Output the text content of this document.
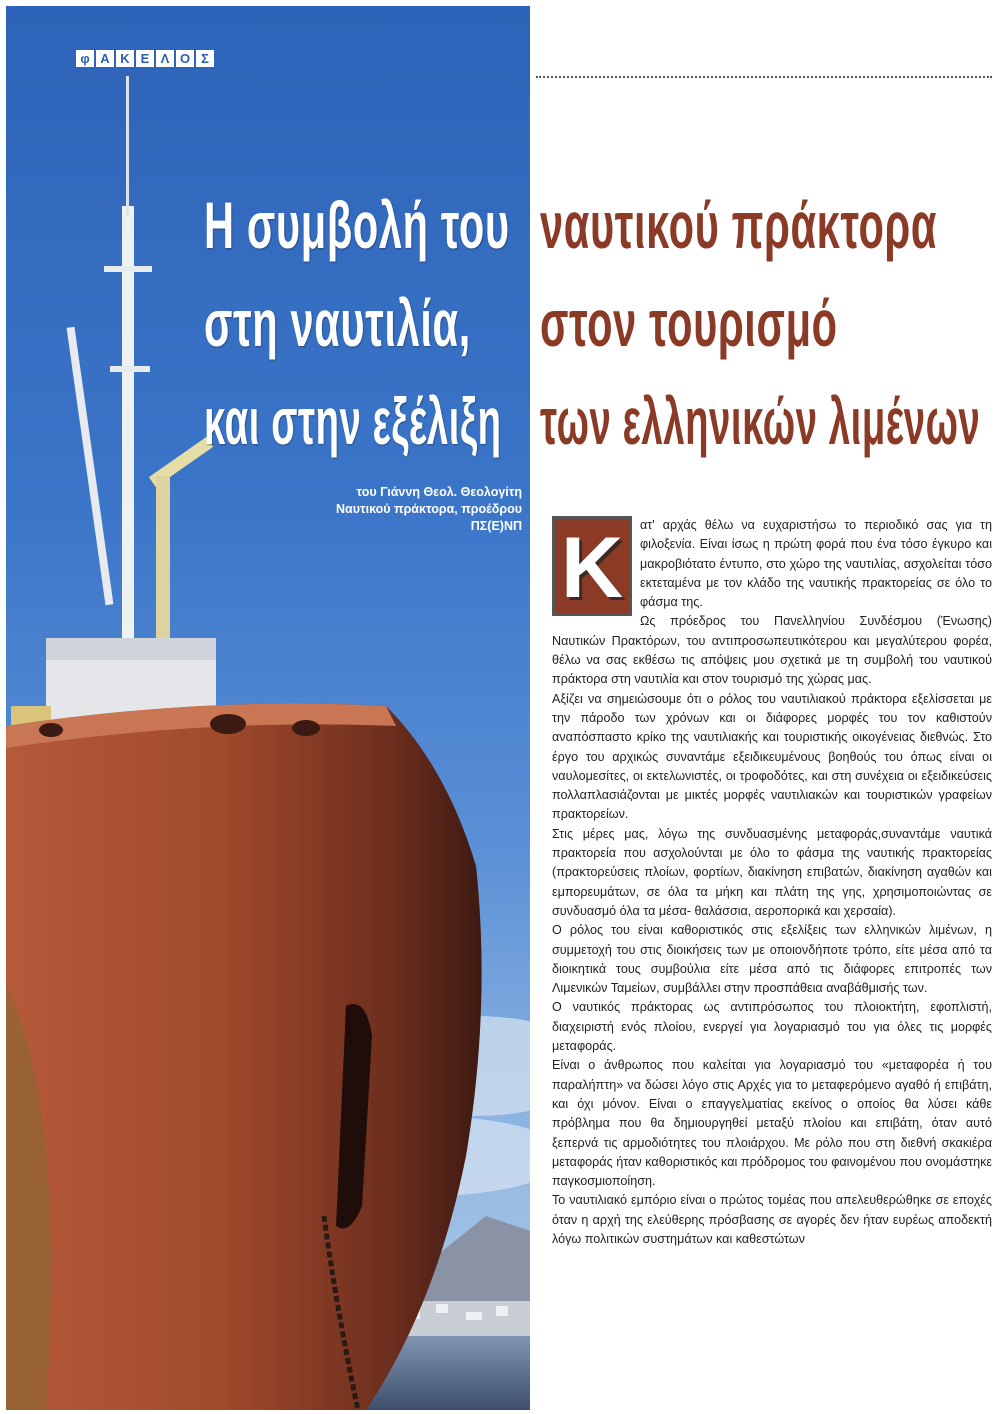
φ Α Κ Ε Λ Ο Σ
Η συμβολή του ναυτικού πράκτορα
στη ναυτιλία, στον τουρισμό
και στην εξέλιξη των ελληνικών λιμένων
του Γιάννη Θεολ. Θεολογίτη
Ναυτικού πράκτορα, προέδρου
ΠΣ(Ε)ΝΠ Κ	ατ' αρχάς θέλω να ευχαριστήσω το περιοδικό σας για τη φιλοξενία. Είναι ίσως η πρώτη φορά που ένα τόσο έγκυρο και μακροβιότατο έντυπο, στο χώρο της ναυτιλίας, ασχολείται τόσο εκτεταμένα με τον κλάδο της ναυτικής πρακτορείας σε όλο το φάσμα της.

Ως πρόεδρος του Πανελληνίου Συνδέσμου (Ένωσης) Ναυτικών Πρακτόρων, του αντιπροσωπευτικότερου και μεγαλύτερου φορέα, θέλω να σας εκθέσω τις απόψεις μου σχετικά με τη συμβολή του ναυτικού πράκτορα στη ναυτιλία και στον τουρισμό της χώρας μας.

Αξίζει να σημειώσουμε ότι ο ρόλος του ναυτιλιακού πράκτορα εξελίσσεται με την πάροδο των χρόνων και οι διάφορες μορφές του τον καθιστούν αναπόσπαστο κρίκο της ναυτιλιακής και τουριστικής οικογένειας διεθνώς. Στο έργο του αρχικώς συναντάμε εξειδικευμένους βοηθούς του όπως είναι οι ναυλομεσίτες, οι εκτελωνιστές, οι τροφοδότες, και στη συνέχεια οι εξειδικεύσεις πολλαπλασιάζονται με μικτές μορφές ναυτιλιακών και τουριστικών γραφείων πρακτορείων.

Στις μέρες μας, λόγω της συνδυασμένης μεταφοράς,συναντάμε ναυτικά πρακτορεία που ασχολούνται με όλο το φάσμα της ναυτικής πρακτορείας (πρακτορεύσεις πλοίων, φορτίων, διακίνηση επιβατών, διακίνηση αγαθών και εμπορευμάτων, σε όλα τα μήκη και πλάτη της γης, χρησιμοποιώντας σε συνδυασμό όλα τα μέσα- θαλάσσια, αεροπορικά και χερσαία).

Ο ρόλος του είναι καθοριστικός στις εξελίξεις των ελληνικών λιμένων, η συμμετοχή του στις διοικήσεις των με οποιονδήποτε τρόπο, είτε μέσα από τα διοικητικά τους συμβούλια είτε μέσα από τις διάφορες επιτροπές των Λιμενικών Ταμείων, συμβάλλει στην προσπάθεια αναβάθμισής των.

Ο ναυτικός πράκτορας ως αντιπρόσωπος του πλοιοκτήτη, εφοπλιστή, διαχειριστή ενός πλοίου, ενεργεί για λογαριασμό του για όλες τις μορφές μεταφοράς.

Είναι ο άνθρωπος που καλείται για λογαριασμό του «μεταφορέα ή του παραλήπτη» να δώσει λόγο στις Αρχές για το μεταφερόμενο αγαθό ή επιβάτη, και όχι μόνον. Είναι ο επαγγελματίας εκείνος ο οποίος θα λύσει κάθε πρόβλημα που θα δημιουργηθεί μεταξύ πλοίου και επιβάτη, όταν αυτό ξεπερνά τις αρμοδιότητες του πλοιάρχου. Με ρόλο που στη διεθνή σκακιέρα μεταφοράς ήταν καθοριστικός και πρόδρομος του φαινομένου που ονομάστηκε παγκοσμιοποίηση.

Το ναυτιλιακό εμπόριο είναι ο πρώτος τομέας που απελευθερώθηκε σε εποχές όταν η αρχή της ελεύθερης πρόσβασης σε αγορές δεν ήταν ευρέως αποδεκτή λόγω πολιτικών συστημάτων και καθεστώτων
